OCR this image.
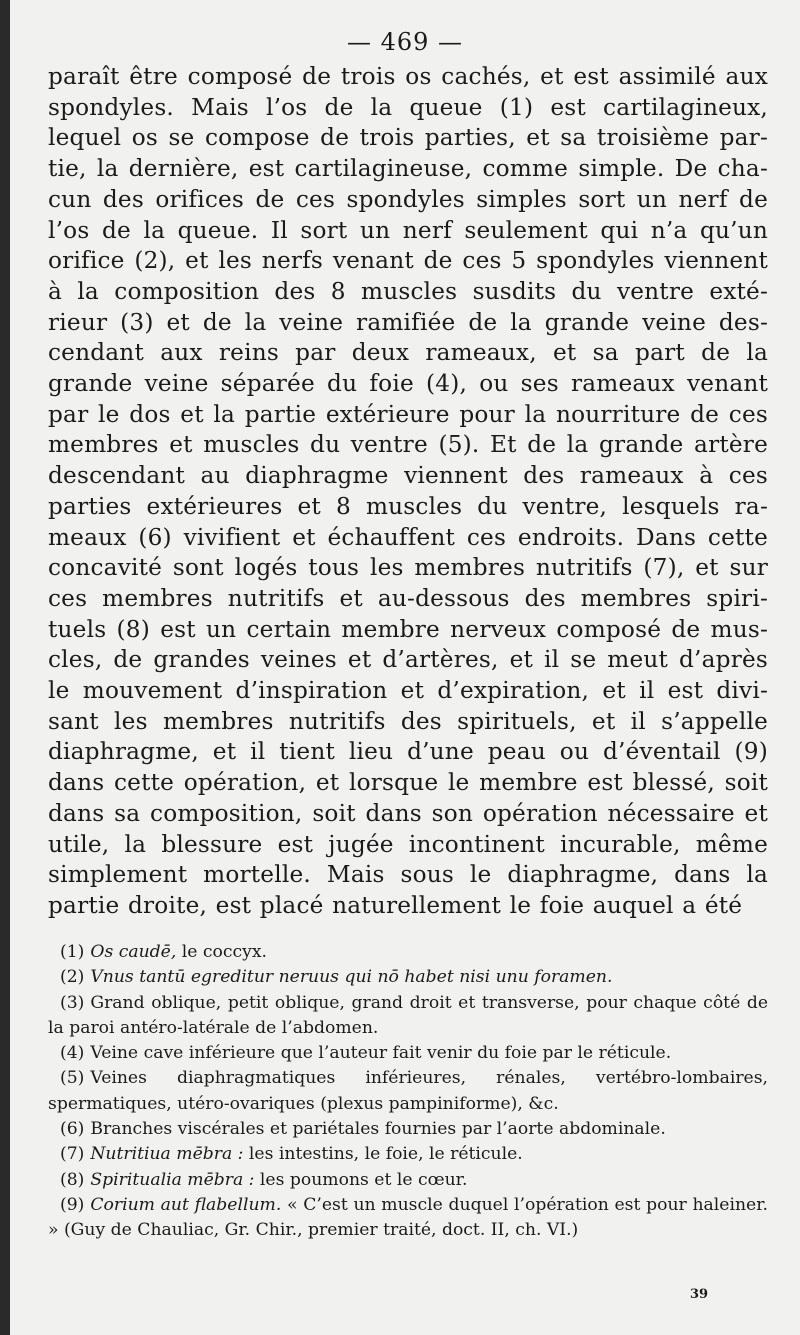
— 469 —
paraît être composé de trois os cachés, et est assimilé aux
spondyles. Mais l’os de la queue (1) est cartilagineux,
lequel os se compose de trois parties, et sa troisième par-
tie, la dernière, est cartilagineuse, comme simple. De cha-
cun des orifices de ces spondyles simples sort un nerf de
l’os de la queue. Il sort un nerf seulement qui n’a qu’un
orifice (2), et les nerfs venant de ces 5 spondyles viennent
à la composition des 8 muscles susdits du ventre exté-
rieur (3) et de la veine ramifiée de la grande veine des-
cendant aux reins par deux rameaux, et sa part de la
grande veine séparée du foie (4), ou ses rameaux venant
par le dos et la partie extérieure pour la nourriture de ces
membres et muscles du ventre (5). Et de la grande artère
descendant au diaphragme viennent des rameaux à ces
parties extérieures et 8 muscles du ventre, lesquels ra-
meaux (6) vivifient et échauffent ces endroits. Dans cette
concavité sont logés tous les membres nutritifs (7), et sur
ces membres nutritifs et au-dessous des membres spiri-
tuels (8) est un certain membre nerveux composé de mus-
cles, de grandes veines et d’artères, et il se meut d’après
le mouvement d’inspiration et d’expiration, et il est divi-
sant les membres nutritifs des spirituels, et il s’appelle
diaphragme, et il tient lieu d’une peau ou d’éventail (9)
dans cette opération, et lorsque le membre est blessé, soit
dans sa composition, soit dans son opération nécessaire et
utile, la blessure est jugée incontinent incurable, même
simplement mortelle. Mais sous le diaphragme, dans la
partie droite, est placé naturellement le foie auquel a été
(1) Os caudē, le coccyx.
(2) Vnus tantū egreditur neruus qui nō habet nisi unu foramen.
(3) Grand oblique, petit oblique, grand droit et transverse, pour chaque côté de la paroi antéro-latérale de l’abdomen.
(4) Veine cave inférieure que l’auteur fait venir du foie par le réticule.
(5) Veines diaphragmatiques inférieures, rénales, vertébro-lombaires, spermatiques, utéro-ovariques (plexus pampiniforme), &c.
(6) Branches viscérales et pariétales fournies par l’aorte abdominale.
(7) Nutritiua mēbra : les intestins, le foie, le réticule.
(8) Spiritualia mēbra : les poumons et le cœur.
(9) Corium aut flabellum. « C’est un muscle duquel l’opération est pour haleiner. » (Guy de Chauliac, Gr. Chir., premier traité, doct. II, ch. VI.)
39
